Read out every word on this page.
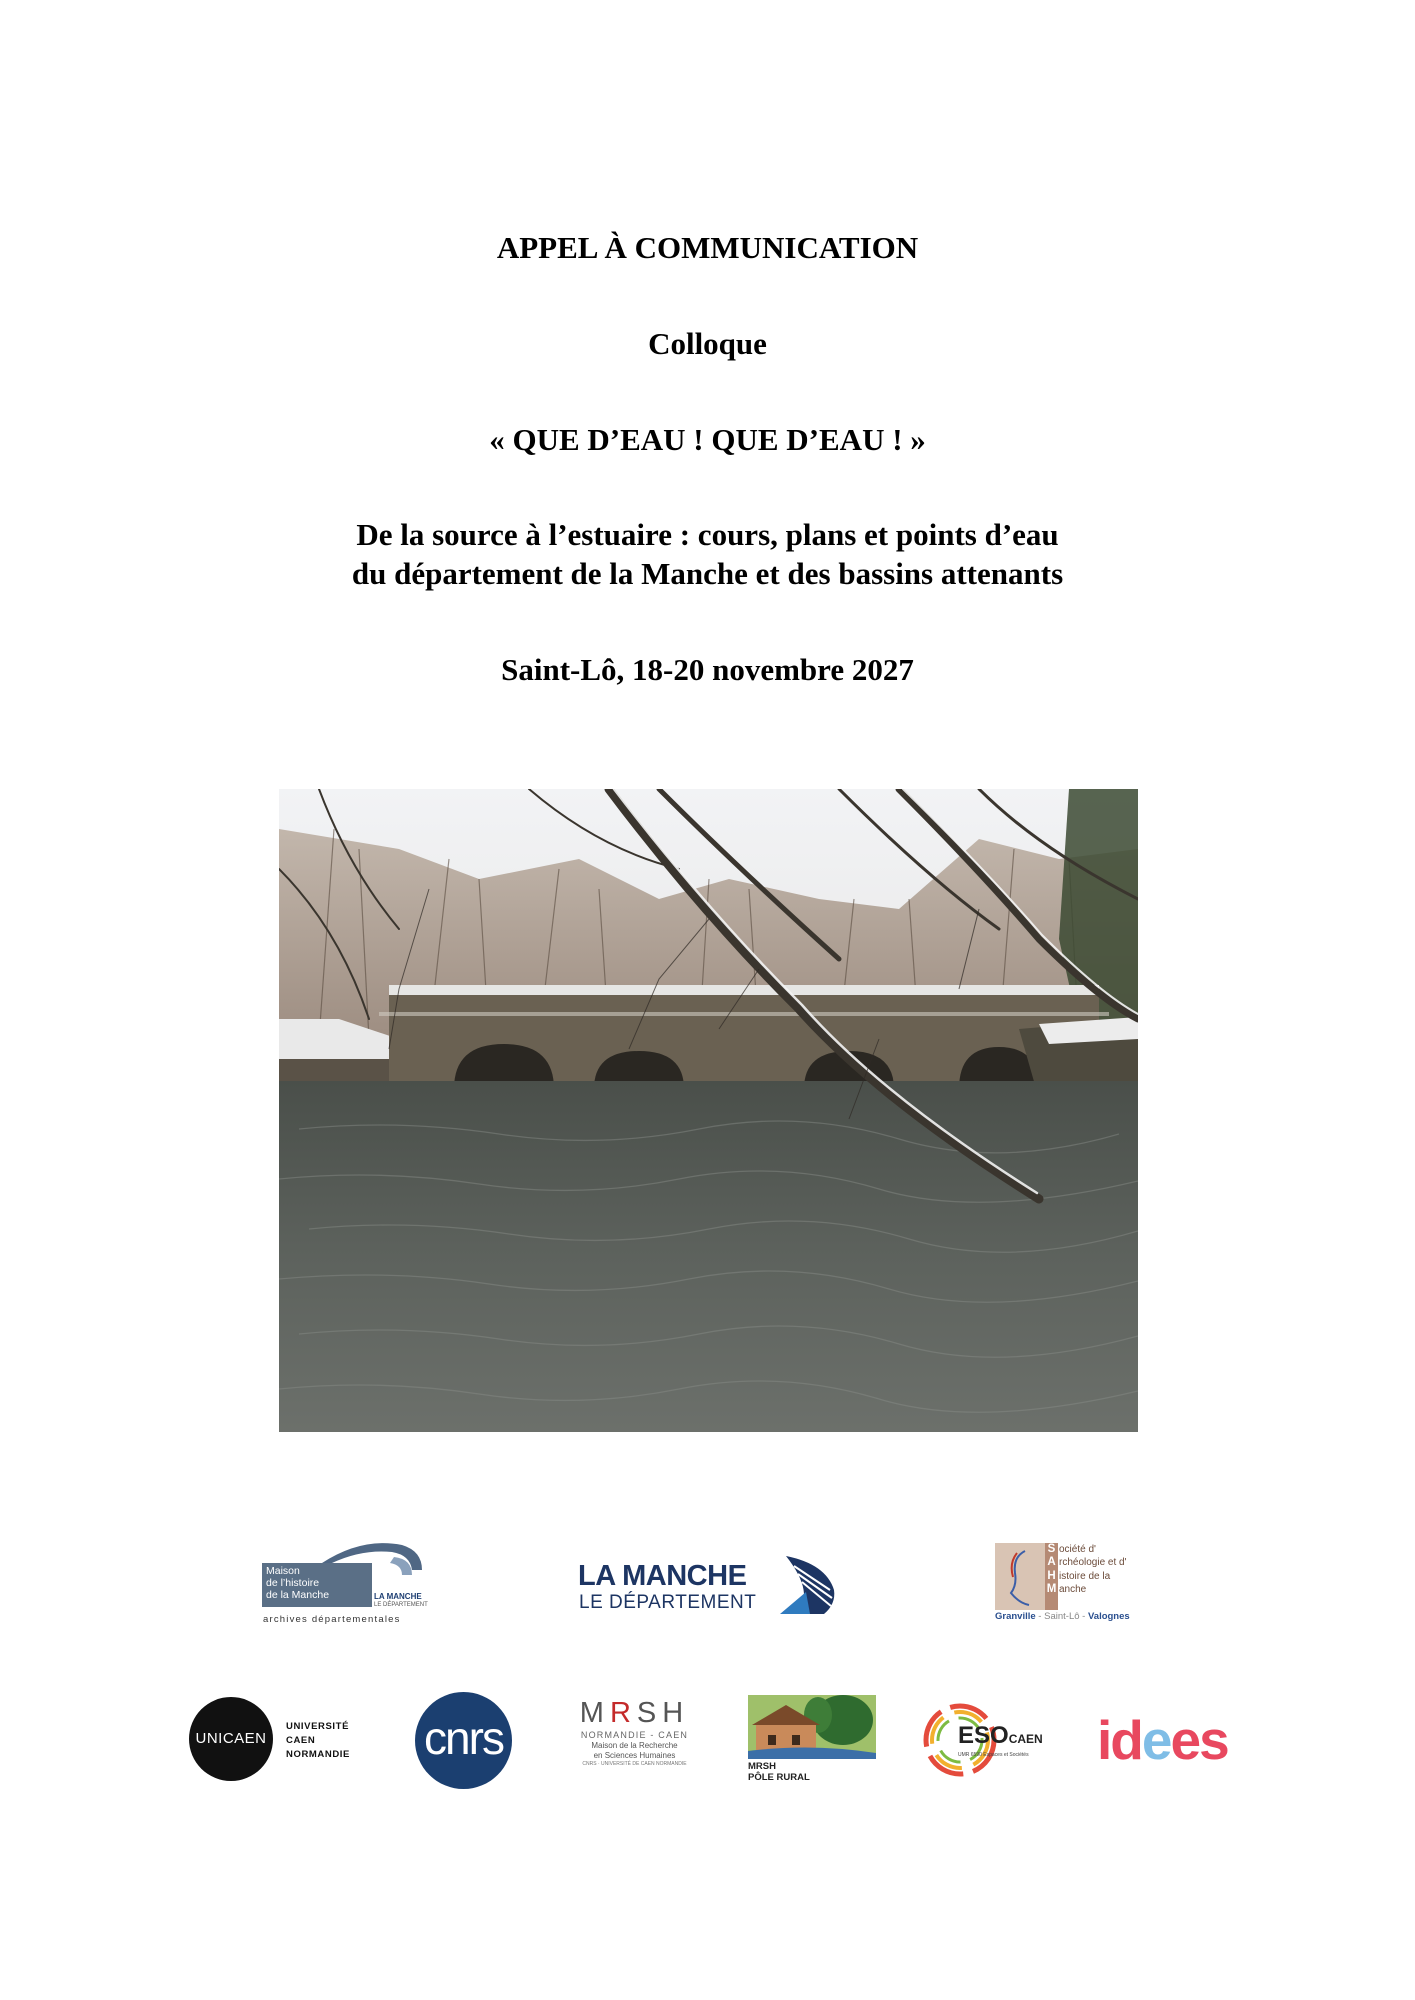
APPEL À COMMUNICATION

Colloque

« QUE D’EAU ! QUE D’EAU ! »

De la source à l’estuaire : cours, plans et points d’eau

du département de la Manche et des bassins attenants

Saint-Lô, 18-20 novembre 2027

Maison
de l’histoire
de la Manche	LA MANCHE
LE DÉPARTEMENT
archives départementales
LA MANCHE
LE DÉPARTEMENT
S
A
H
M
ociété d'
rchéologie et d'
istoire de la
anche
Granville - Saint-Lô - Valognes
UNICAEN
UNIVERSITÉ
CAEN
NORMANDIE cnrs	MRSH
NORMANDIE - CAEN
Maison de la Recherche
en Sciences Humaines
CNRS · UNIVERSITÉ DE CAEN NORMANDIE	MRSH
PÔLE RURAL
ESOCAEN
UMR 6590 Espaces et Sociétés idees
